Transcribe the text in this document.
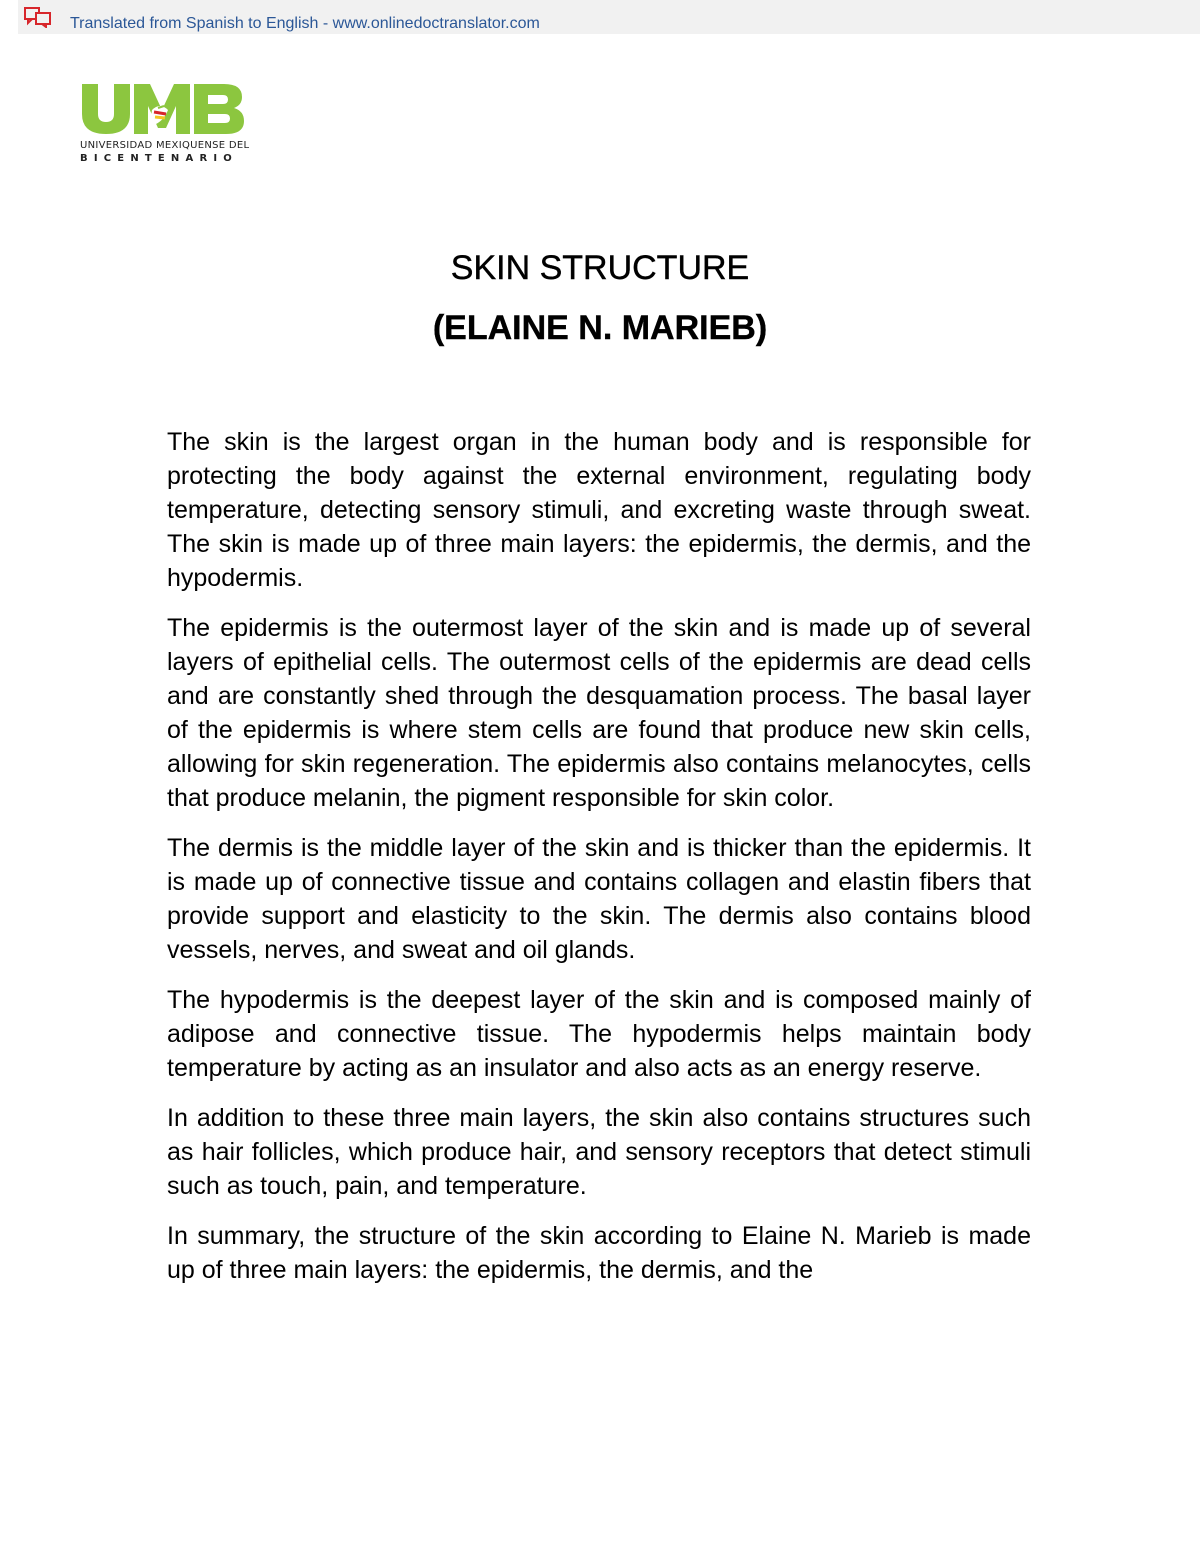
Translated from Spanish to English - www.onlinedoctranslator.com
UNIVERSIDAD MEXIQUENSE DEL
BICENTENARIO
SKIN STRUCTURE
(ELAINE N. MARIEB)

The skin is the largest organ in the human body and is responsible for protecting the body against the external environment, regulating body temperature, detecting sensory stimuli, and excreting waste through sweat. The skin is made up of three main layers: the epidermis, the dermis, and the hypodermis.

The epidermis is the outermost layer of the skin and is made up of several layers of epithelial cells. The outermost cells of the epidermis are dead cells and are constantly shed through the desquamation process. The basal layer of the epidermis is where stem cells are found that produce new skin cells, allowing for skin regeneration. The epidermis also contains melanocytes, cells that produce melanin, the pigment responsible for skin color.

The dermis is the middle layer of the skin and is thicker than the epidermis. It is made up of connective tissue and contains collagen and elastin fibers that provide support and elasticity to the skin. The dermis also contains blood vessels, nerves, and sweat and oil glands.

The hypodermis is the deepest layer of the skin and is composed mainly of adipose and connective tissue. The hypodermis helps maintain body temperature by acting as an insulator and also acts as an energy reserve.

In addition to these three main layers, the skin also contains structures such as hair follicles, which produce hair, and sensory receptors that detect stimuli such as touch, pain, and temperature.

In summary, the structure of the skin according to Elaine N. Marieb is made up of three main layers: the epidermis, the dermis, and the
